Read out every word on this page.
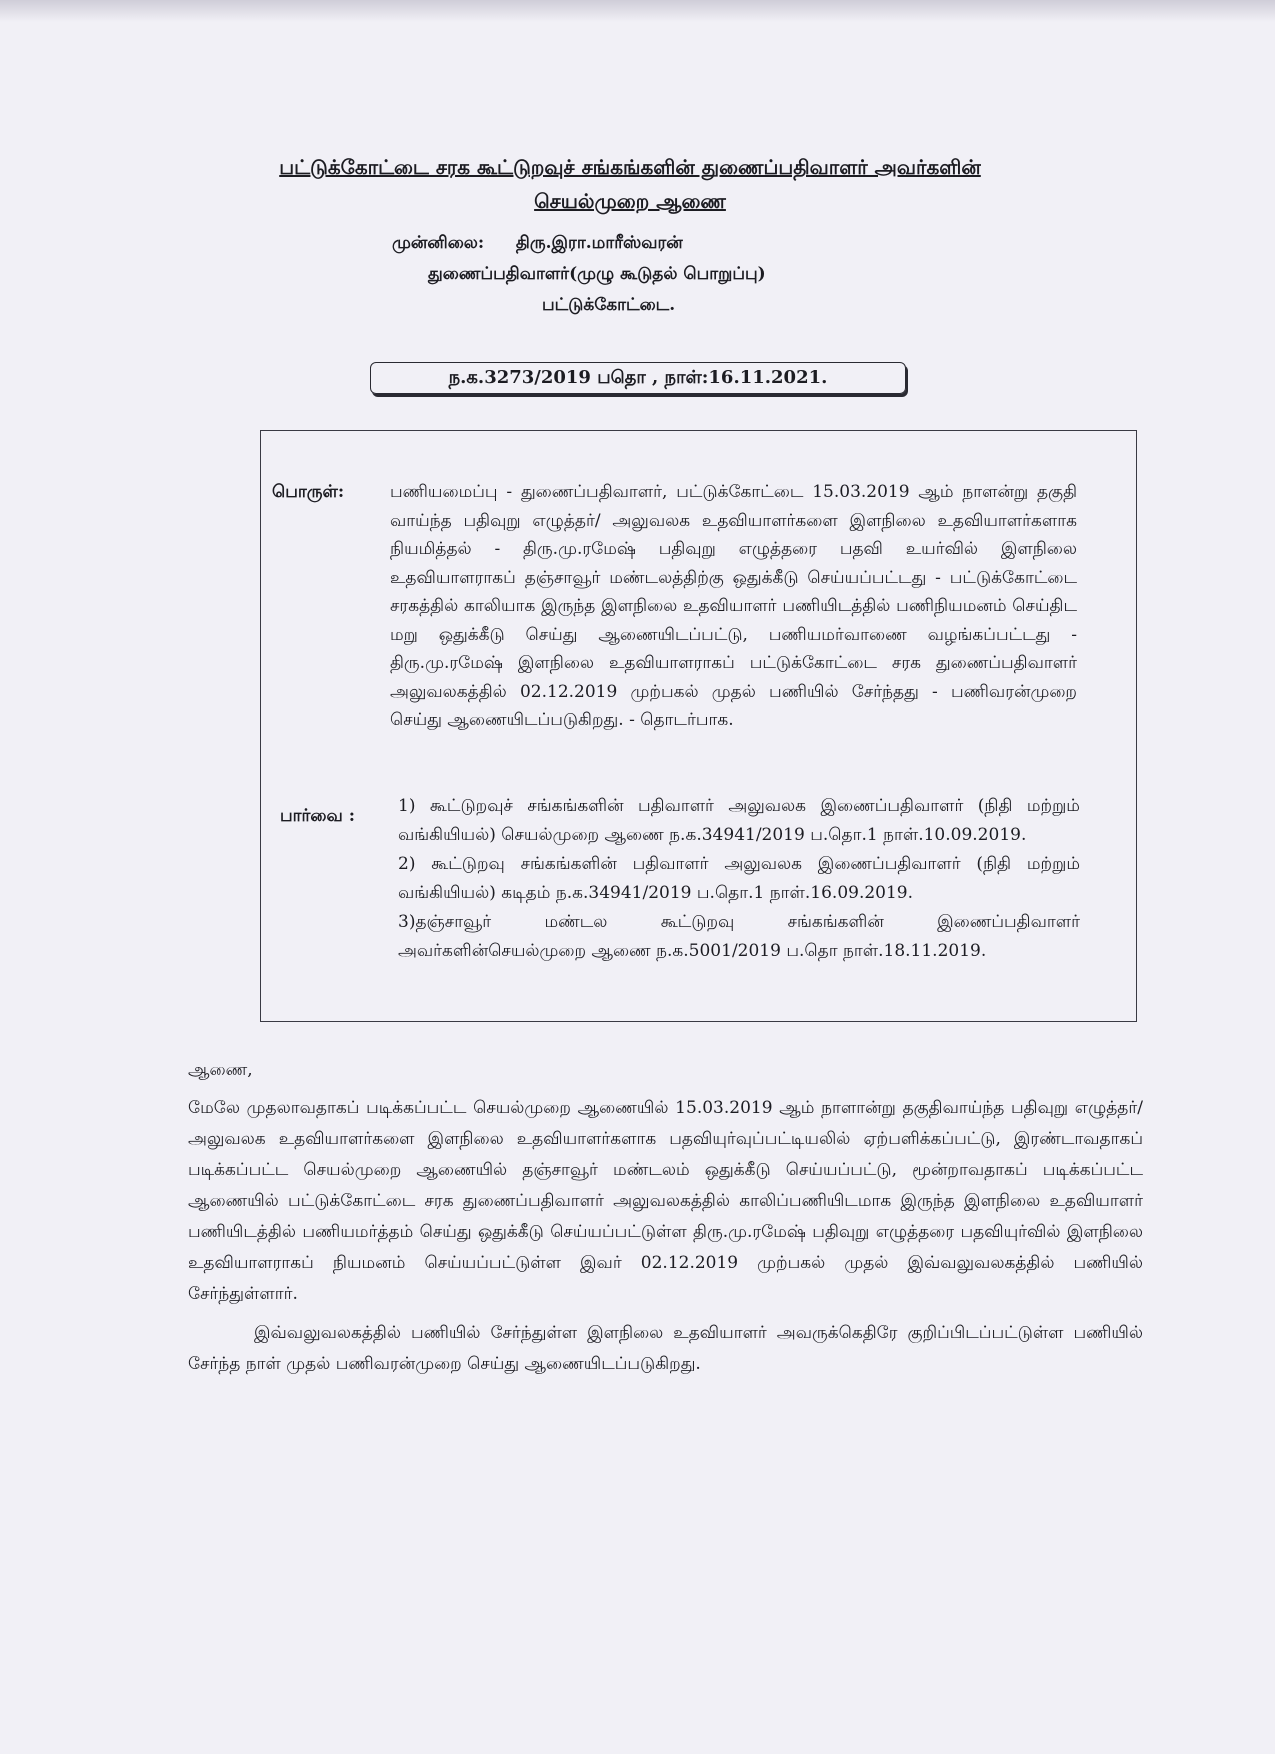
பட்டுக்கோட்டை சரக கூட்டுறவுச் சங்கங்களின் துணைப்பதிவாளர் அவர்களின்
செயல்முறை ஆணை
முன்னிலை: திரு.இரா.மாரீஸ்வரன்
துணைப்பதிவாளர்(முழு கூடுதல் பொறுப்பு)
பட்டுக்கோட்டை.
ந.க.3273/2019 பதொ , நாள்:16.11.2021.
பொருள்:	பணியமைப்பு - துணைப்பதிவாளர், பட்டுக்கோட்டை 15.03.2019 ஆம் நாளன்று தகுதி வாய்ந்த பதிவுறு எழுத்தர்/ அலுவலக உதவியாளர்களை இளநிலை உதவியாளர்களாக நியமித்தல் - திரு.மு.ரமேஷ் பதிவுறு எழுத்தரை பதவி உயர்வில் இளநிலை உதவியாளராகப் தஞ்சாவூர் மண்டலத்திற்கு ஒதுக்கீடு செய்யப்பட்டது - பட்டுக்கோட்டை சரகத்தில் காலியாக இருந்த இளநிலை உதவியாளர் பணியிடத்தில் பணிநியமனம் செய்திட மறு ஒதுக்கீடு செய்து ஆணையிடப்பட்டு, பணியமர்வாணை வழங்கப்பட்டது - திரு.மு.ரமேஷ் இளநிலை உதவியாளராகப் பட்டுக்கோட்டை சரக துணைப்பதிவாளர் அலுவலகத்தில் 02.12.2019 முற்பகல் முதல் பணியில் சேர்ந்தது - பணிவரன்முறை செய்து ஆணையிடப்படுகிறது. - தொடர்பாக.
பார்வை :	1) கூட்டுறவுச் சங்கங்களின் பதிவாளர் அலுவலக இணைப்பதிவாளர் (நிதி மற்றும் வங்கியியல்) செயல்முறை ஆணை ந.க.34941/2019 ப.தொ.1 நாள்.10.09.2019.
2) கூட்டுறவு சங்கங்களின் பதிவாளர் அலுவலக இணைப்பதிவாளர் (நிதி மற்றும் வங்கியியல்) கடிதம் ந.க.34941/2019 ப.தொ.1 நாள்.16.09.2019.
3)தஞ்சாவூர் மண்டல கூட்டுறவு சங்கங்களின் இணைப்பதிவாளர் அவர்களின்செயல்முறை ஆணை ந.க.5001/2019 ப.தொ நாள்.18.11.2019.
ஆணை,

மேலே முதலாவதாகப் படிக்கப்பட்ட செயல்முறை ஆணையில் 15.03.2019 ஆம் நாளான்று தகுதிவாய்ந்த பதிவுறு எழுத்தர்/ அலுவலக உதவியாளர்களை இளநிலை உதவியாளர்களாக பதவியுர்வுப்பட்டியலில் ஏற்பளிக்கப்பட்டு, இரண்டாவதாகப் படிக்கப்பட்ட செயல்முறை ஆணையில் தஞ்சாவூர் மண்டலம் ஒதுக்கீடு செய்யப்பட்டு, மூன்றாவதாகப் படிக்கப்பட்ட ஆணையில் பட்டுக்கோட்டை சரக துணைப்பதிவாளர் அலுவலகத்தில் காலிப்பணியிடமாக இருந்த இளநிலை உதவியாளர் பணியிடத்தில் பணியமர்த்தம் செய்து ஒதுக்கீடு செய்யப்பட்டுள்ள திரு.மு.ரமேஷ் பதிவுறு எழுத்தரை பதவியுர்வில் இளநிலை உதவியாளராகப் நியமனம் செய்யப்பட்டுள்ள இவர் 02.12.2019 முற்பகல் முதல் இவ்வலுவலகத்தில் பணியில் சேர்ந்துள்ளார்.
இவ்வலுவலகத்தில் பணியில் சேர்ந்துள்ள இளநிலை உதவியாளர் அவருக்கெதிரே குறிப்பிடப்பட்டுள்ள பணியில் சேர்ந்த நாள் முதல் பணிவரன்முறை செய்து ஆணையிடப்படுகிறது.
